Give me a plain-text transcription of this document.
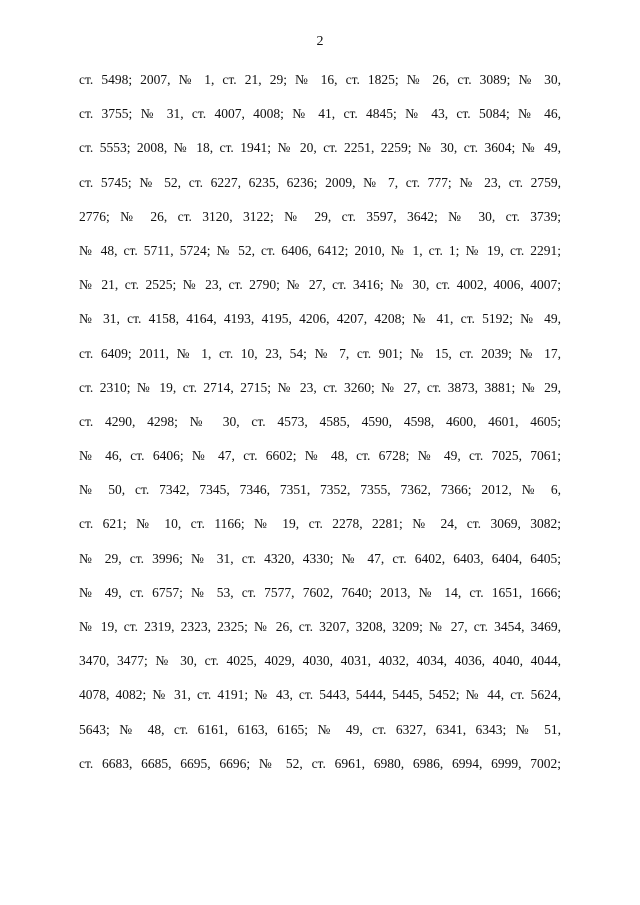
2
ст. 5498; 2007, № 1, ст. 21, 29; № 16, ст. 1825; № 26, ст. 3089; № 30,
ст. 3755; № 31, ст. 4007, 4008; № 41, ст. 4845; № 43, ст. 5084; № 46,
ст. 5553; 2008, № 18, ст. 1941; № 20, ст. 2251, 2259; № 30, ст. 3604; № 49,
ст. 5745; № 52, ст. 6227, 6235, 6236; 2009, № 7, ст. 777; № 23, ст. 2759,
2776; № 26, ст. 3120, 3122; № 29, ст. 3597, 3642; № 30, ст. 3739;
№ 48, ст. 5711, 5724; № 52, ст. 6406, 6412; 2010, № 1, ст. 1; № 19, ст. 2291;
№ 21, ст. 2525; № 23, ст. 2790; № 27, ст. 3416; № 30, ст. 4002, 4006, 4007;
№ 31, ст. 4158, 4164, 4193, 4195, 4206, 4207, 4208; № 41, ст. 5192; № 49,
ст. 6409; 2011, № 1, ст. 10, 23, 54; № 7, ст. 901; № 15, ст. 2039; № 17,
ст. 2310; № 19, ст. 2714, 2715; № 23, ст. 3260; № 27, ст. 3873, 3881; № 29,
ст. 4290, 4298; № 30, ст. 4573, 4585, 4590, 4598, 4600, 4601, 4605;
№ 46, ст. 6406; № 47, ст. 6602; № 48, ст. 6728; № 49, ст. 7025, 7061;
№ 50, ст. 7342, 7345, 7346, 7351, 7352, 7355, 7362, 7366; 2012, № 6,
ст. 621; № 10, ст. 1166; № 19, ст. 2278, 2281; № 24, ст. 3069, 3082;
№ 29, ст. 3996; № 31, ст. 4320, 4330; № 47, ст. 6402, 6403, 6404, 6405;
№ 49, ст. 6757; № 53, ст. 7577, 7602, 7640; 2013, № 14, ст. 1651, 1666;
№ 19, ст. 2319, 2323, 2325; № 26, ст. 3207, 3208, 3209; № 27, ст. 3454, 3469,
3470, 3477; № 30, ст. 4025, 4029, 4030, 4031, 4032, 4034, 4036, 4040, 4044,
4078, 4082; № 31, ст. 4191; № 43, ст. 5443, 5444, 5445, 5452; № 44, ст. 5624,
5643; № 48, ст. 6161, 6163, 6165; № 49, ст. 6327, 6341, 6343; № 51,
ст. 6683, 6685, 6695, 6696; № 52, ст. 6961, 6980, 6986, 6994, 6999, 7002;
